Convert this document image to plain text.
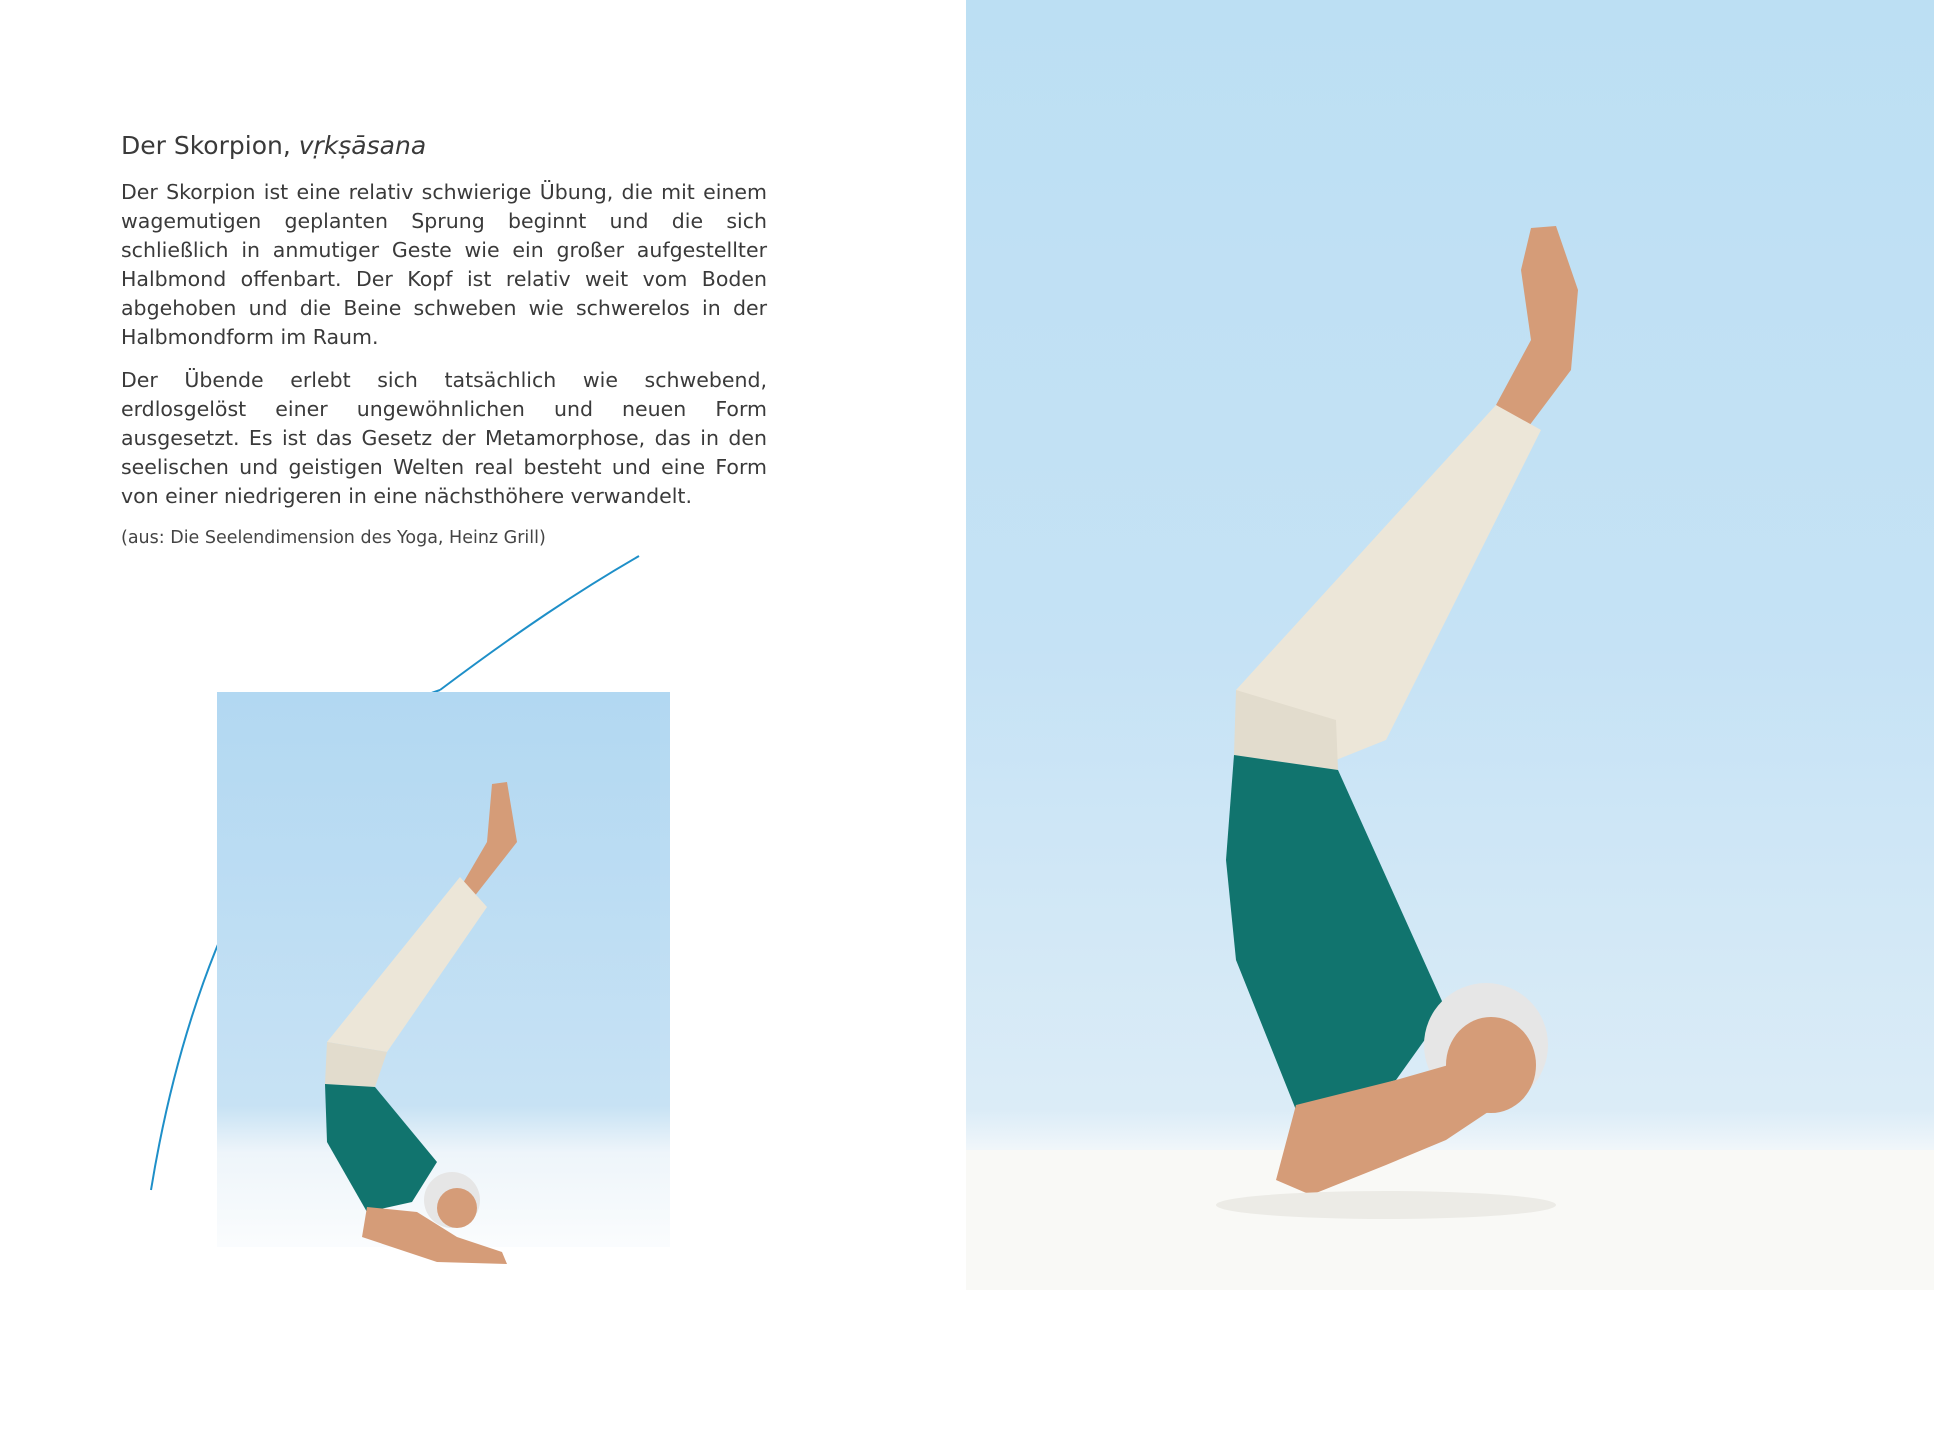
Der Skorpion, vṛkṣāsana

Der Skorpion ist eine relativ schwierige Übung, die mit einem wagemutigen geplanten Sprung beginnt und die sich schließlich in anmutiger Geste wie ein großer aufgestellter Halbmond offenbart. Der Kopf ist relativ weit vom Boden abgehoben und die Beine schweben wie schwerelos in der Halbmondform im Raum.

Der Übende erlebt sich tatsächlich wie schwebend, erdlosgelöst einer ungewöhnlichen und neuen Form ausgesetzt. Es ist das Gesetz der Metamorphose, das in den seelischen und geistigen Welten real besteht und eine Form von einer niedrigeren in eine nächsthöhere verwandelt.

(aus: Die Seelendimension des Yoga, Heinz Grill)
